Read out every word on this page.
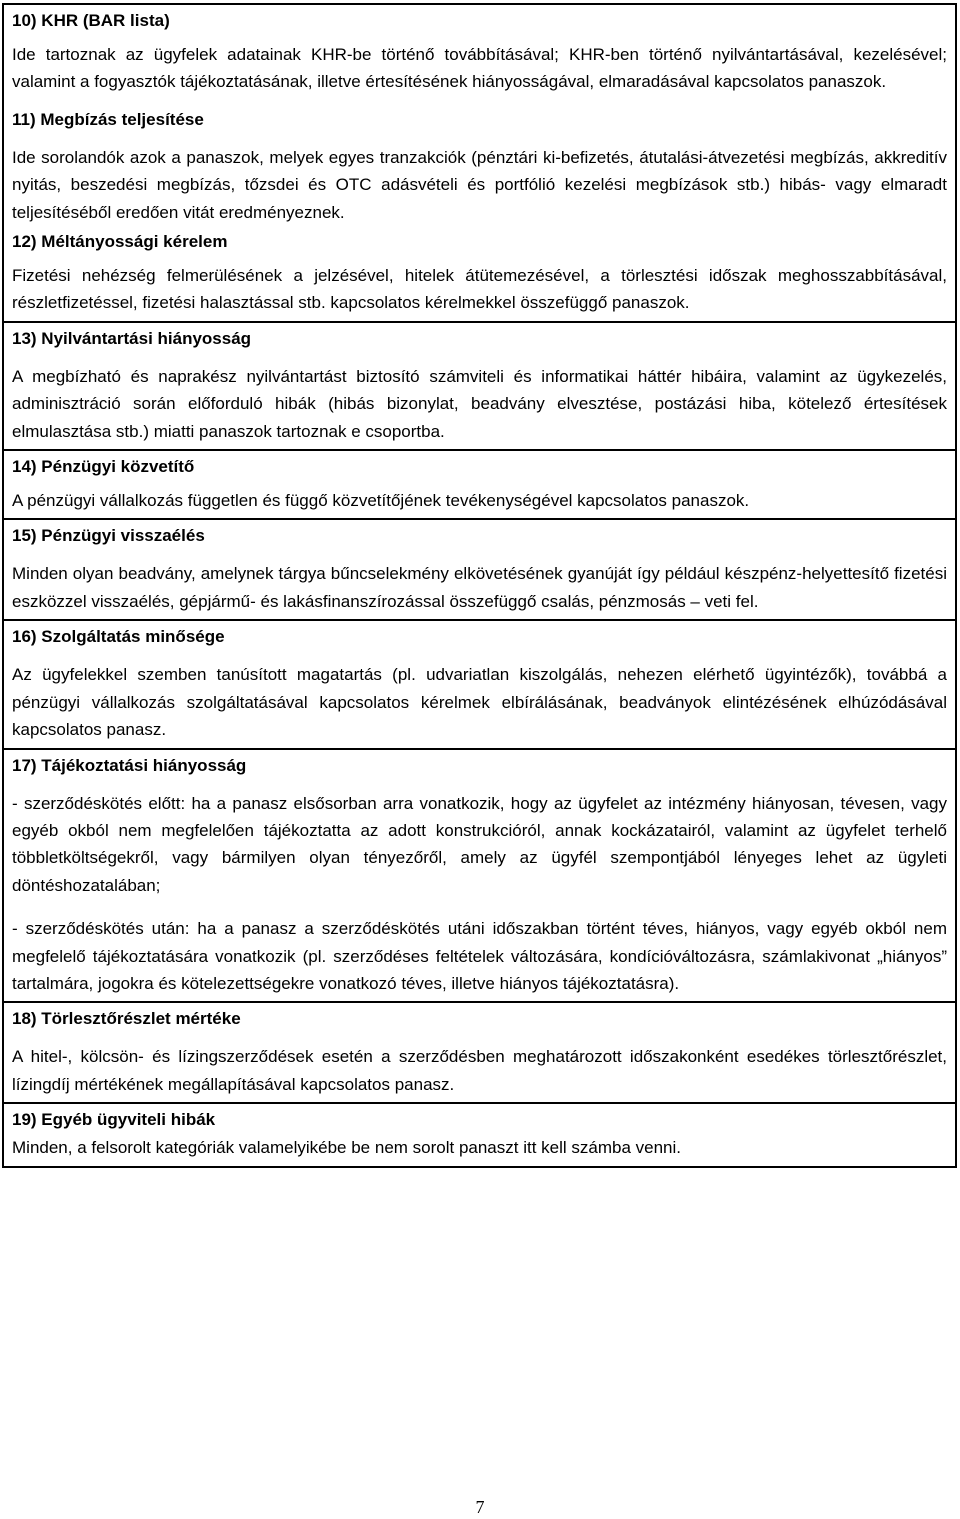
10) KHR (BAR lista)

Ide tartoznak az ügyfelek adatainak KHR-be történő továbbításával; KHR-ben történő nyilvántartásával, kezelésével; valamint a fogyasztók tájékoztatásának, illetve értesítésének hiányosságával, elmaradásával kapcsolatos panaszok.

11) Megbízás teljesítése

Ide sorolandók azok a panaszok, melyek egyes tranzakciók (pénztári ki-befizetés, átutalási-átvezetési megbízás, akkreditív nyitás, beszedési megbízás, tőzsdei és OTC adásvételi és portfólió kezelési megbízások stb.) hibás- vagy elmaradt teljesítéséből eredően vitát eredményeznek.

12) Méltányossági kérelem

Fizetési nehézség felmerülésének a jelzésével, hitelek átütemezésével, a törlesztési időszak meghosszabbításával, részletfizetéssel, fizetési halasztással stb. kapcsolatos kérelmekkel összefüggő panaszok.

13) Nyilvántartási hiányosság

A megbízható és naprakész nyilvántartást biztosító számviteli és informatikai háttér hibáira, valamint az ügykezelés, adminisztráció során előforduló hibák (hibás bizonylat, beadvány elvesztése, postázási hiba, kötelező értesítések elmulasztása stb.) miatti panaszok tartoznak e csoportba.

14) Pénzügyi közvetítő

A pénzügyi vállalkozás független és függő közvetítőjének tevékenységével kapcsolatos panaszok.

15) Pénzügyi visszaélés

Minden olyan beadvány, amelynek tárgya bűncselekmény elkövetésének gyanúját így például készpénz-helyettesítő fizetési eszközzel visszaélés, gépjármű- és lakásfinanszírozással összefüggő csalás, pénzmosás – veti fel.

16) Szolgáltatás minősége

Az ügyfelekkel szemben tanúsított magatartás (pl. udvariatlan kiszolgálás, nehezen elérhető ügyintézők), továbbá a pénzügyi vállalkozás szolgáltatásával kapcsolatos kérelmek elbírálásának, beadványok elintézésének elhúzódásával kapcsolatos panasz.

17) Tájékoztatási hiányosság

- szerződéskötés előtt: ha a panasz elsősorban arra vonatkozik, hogy az ügyfelet az intézmény hiányosan, tévesen, vagy egyéb okból nem megfelelően tájékoztatta az adott konstrukcióról, annak kockázatairól, valamint az ügyfelet terhelő többletköltségekről, vagy bármilyen olyan tényezőről, amely az ügyfél szempontjából lényeges lehet az ügyleti döntéshozatalában;

- szerződéskötés után: ha a panasz a szerződéskötés utáni időszakban történt téves, hiányos, vagy egyéb okból nem megfelelő tájékoztatására vonatkozik (pl. szerződéses feltételek változására, kondícióváltozásra, számlakivonat „hiányos” tartalmára, jogokra és kötelezettségekre vonatkozó téves, illetve hiányos tájékoztatásra).

18) Törlesztőrészlet mértéke

A hitel-, kölcsön- és lízingszerződések esetén a szerződésben meghatározott időszakonként esedékes törlesztőrészlet, lízingdíj mértékének megállapításával kapcsolatos panasz.

19) Egyéb ügyviteli hibák

Minden, a felsorolt kategóriák valamelyikébe be nem sorolt panaszt itt kell számba venni.

7
